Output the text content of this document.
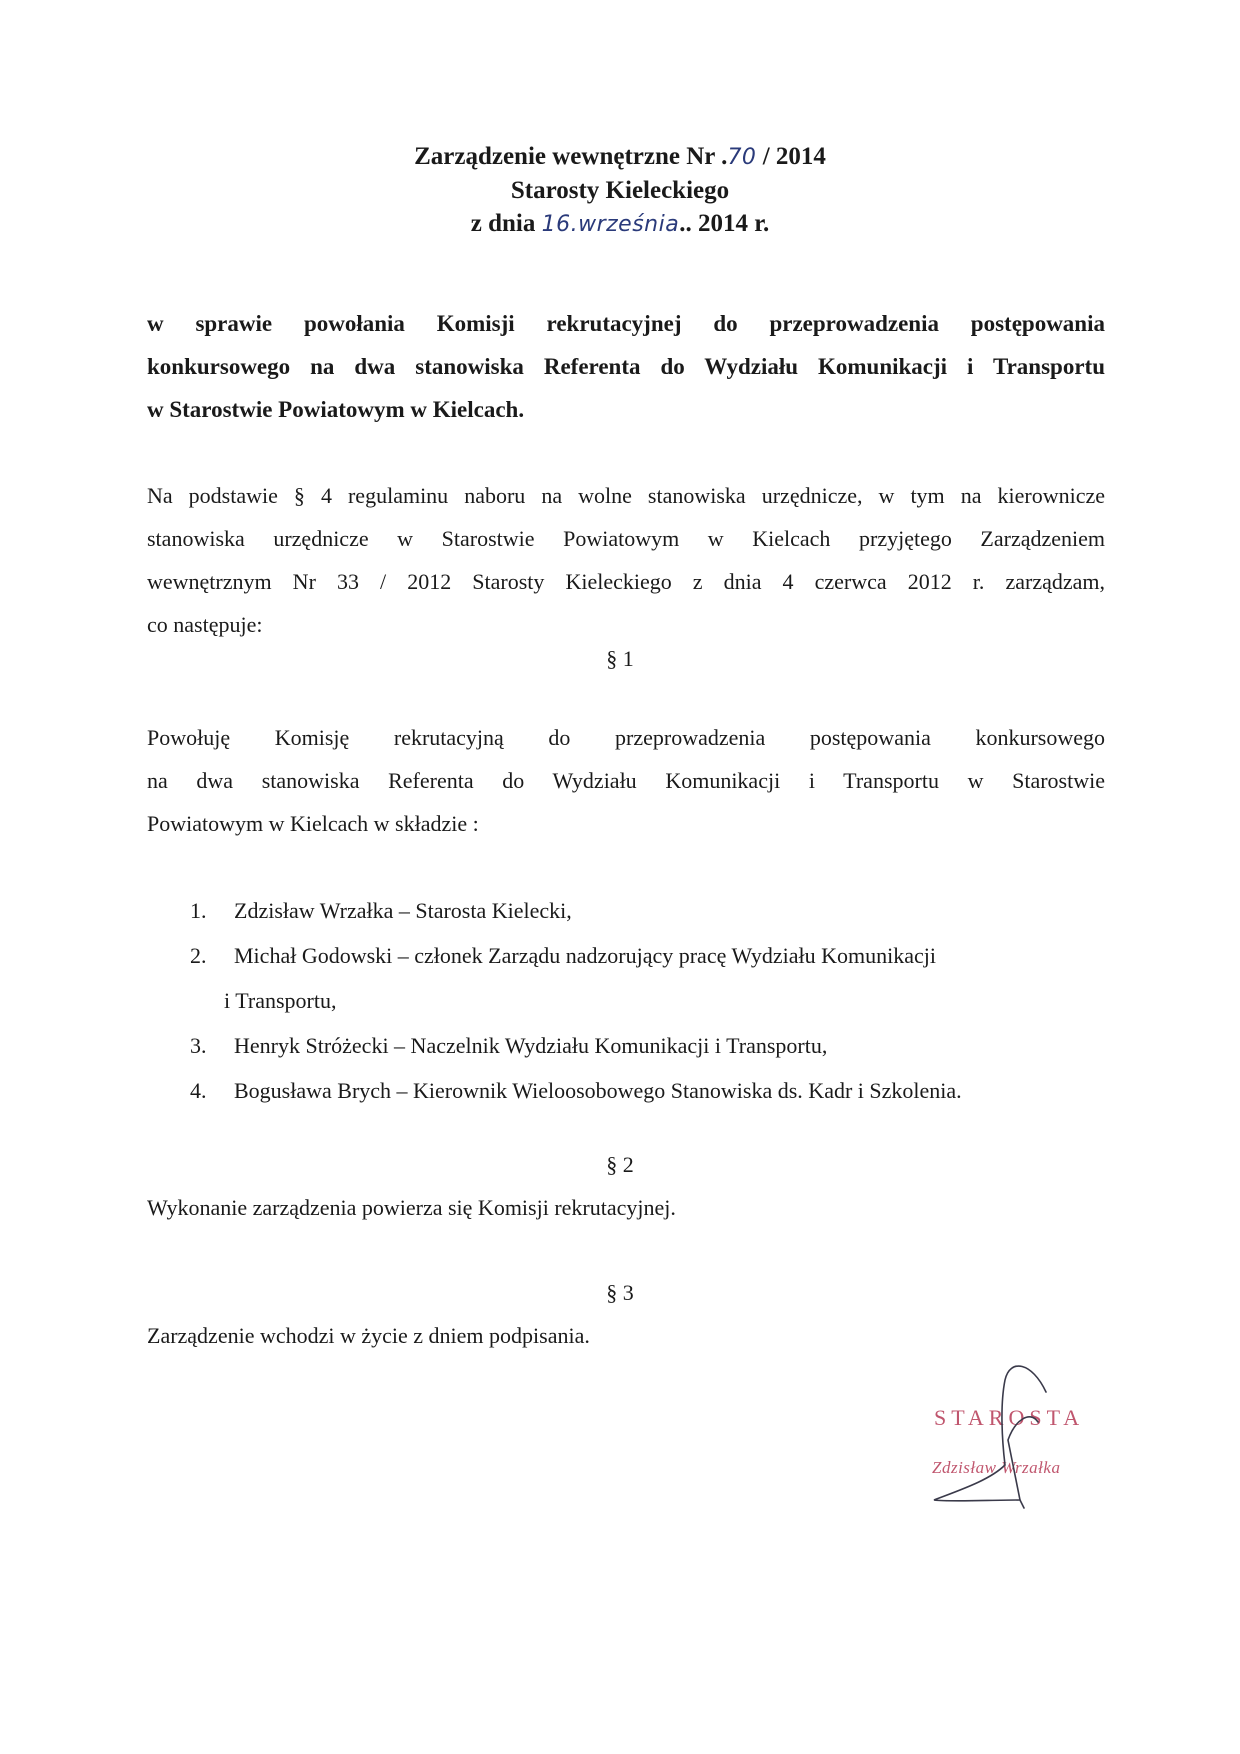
Zarządzenie wewnętrzne Nr .70 / 2014
Starosty Kieleckiego
z dnia 16.września.. 2014 r.
w sprawie powołania Komisji rekrutacyjnej do przeprowadzenia postępowania
konkursowego na dwa stanowiska Referenta do Wydziału Komunikacji i Transportu
w Starostwie Powiatowym w Kielcach.
Na podstawie § 4 regulaminu naboru na wolne stanowiska urzędnicze, w tym na kierownicze
stanowiska urzędnicze w Starostwie Powiatowym w Kielcach przyjętego Zarządzeniem
wewnętrznym Nr 33 / 2012 Starosty Kieleckiego z dnia 4 czerwca 2012 r. zarządzam,
co następuje:
§ 1
Powołuję Komisję rekrutacyjną do przeprowadzenia postępowania konkursowego
na dwa stanowiska Referenta do Wydziału Komunikacji i Transportu w Starostwie
Powiatowym w Kielcach w składzie :
1. Zdzisław Wrzałka – Starosta Kielecki,
2. Michał Godowski – członek Zarządu nadzorujący pracę Wydziału Komunikacji
i Transportu,
3. Henryk Stróżecki – Naczelnik Wydziału Komunikacji i Transportu,
4. Bogusława Brych – Kierownik Wieloosobowego Stanowiska ds. Kadr i Szkolenia.
§ 2
Wykonanie zarządzenia powierza się Komisji rekrutacyjnej.
§ 3
Zarządzenie wchodzi w życie z dniem podpisania.
STAROSTA
Zdzisław Wrzałka
